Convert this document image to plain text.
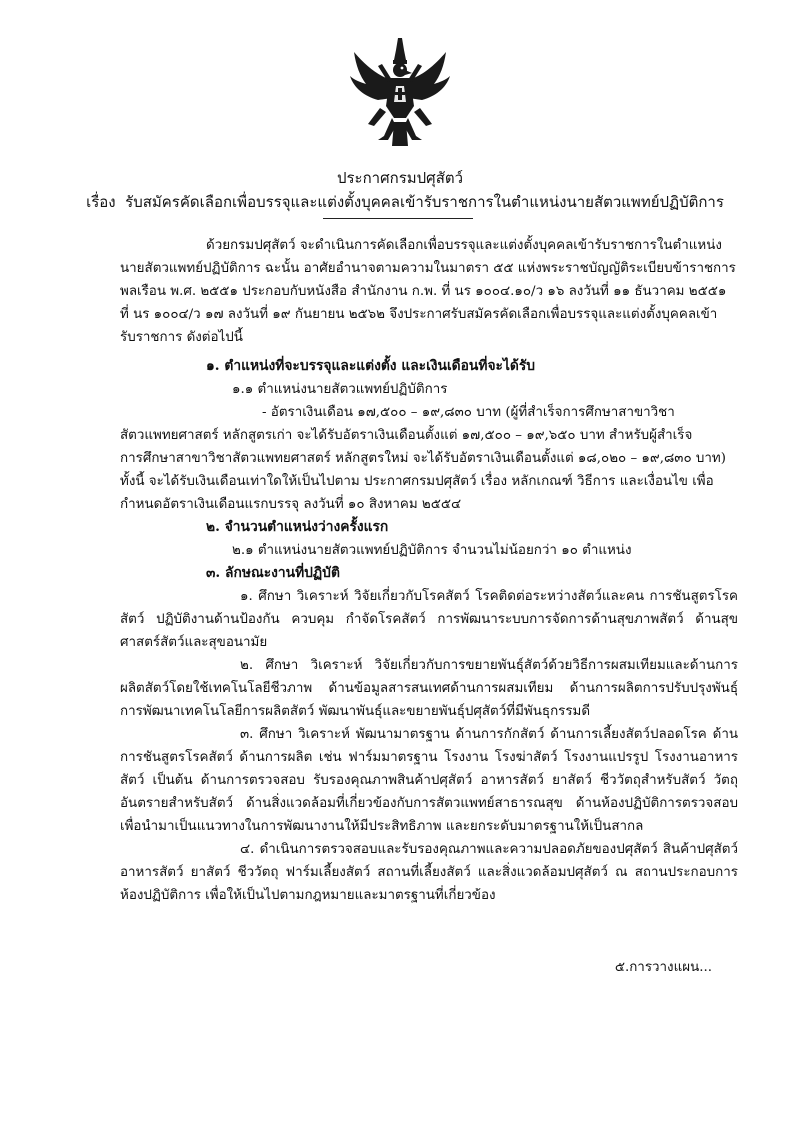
ประกาศกรมปศุสัตว์
เรื่อง รับสมัครคัดเลือกเพื่อบรรจุและแต่งตั้งบุคคลเข้ารับราชการในตำแหน่งนายสัตวแพทย์ปฏิบัติการ
ด้วยกรมปศุสัตว์ จะดำเนินการคัดเลือกเพื่อบรรจุและแต่งตั้งบุคคลเข้ารับราชการในตำแหน่ง
นายสัตวแพทย์ปฏิบัติการ ฉะนั้น อาศัยอำนาจตามความในมาตรา ๕๕ แห่งพระราชบัญญัติระเบียบข้าราชการ
พลเรือน พ.ศ. ๒๕๕๑ ประกอบกับหนังสือ สำนักงาน ก.พ. ที่ นร ๑๐๐๔.๑๐/ว ๑๖ ลงวันที่ ๑๑ ธันวาคม ๒๕๕๑
ที่ นร ๑๐๐๔/ว ๑๗ ลงวันที่ ๑๙ กันยายน ๒๕๖๒ จึงประกาศรับสมัครคัดเลือกเพื่อบรรจุและแต่งตั้งบุคคลเข้า
รับราชการ ดังต่อไปนี้
๑. ตำแหน่งที่จะบรรจุและแต่งตั้ง และเงินเดือนที่จะได้รับ
๑.๑ ตำแหน่งนายสัตวแพทย์ปฏิบัติการ
- อัตราเงินเดือน ๑๗,๕๐๐ – ๑๙,๘๓๐ บาท (ผู้ที่สำเร็จการศึกษาสาขาวิชา
สัตวแพทยศาสตร์ หลักสูตรเก่า จะได้รับอัตราเงินเดือนตั้งแต่ ๑๗,๕๐๐ – ๑๙,๖๕๐ บาท สำหรับผู้สำเร็จ
การศึกษาสาขาวิชาสัตวแพทยศาสตร์ หลักสูตรใหม่ จะได้รับอัตราเงินเดือนตั้งแต่ ๑๘,๐๒๐ – ๑๙,๘๓๐ บาท)
ทั้งนี้ จะได้รับเงินเดือนเท่าใดให้เป็นไปตาม ประกาศกรมปศุสัตว์ เรื่อง หลักเกณฑ์ วิธีการ และเงื่อนไข เพื่อ
กำหนดอัตราเงินเดือนแรกบรรจุ ลงวันที่ ๑๐ สิงหาคม ๒๕๕๔
๒. จำนวนตำแหน่งว่างครั้งแรก
๒.๑ ตำแหน่งนายสัตวแพทย์ปฏิบัติการ จำนวนไม่น้อยกว่า ๑๐ ตำแหน่ง
๓. ลักษณะงานที่ปฏิบัติ
๑. ศึกษา วิเคราะห์ วิจัยเกี่ยวกับโรคสัตว์ โรคติดต่อระหว่างสัตว์และคน การชันสูตรโรคสัตว์ ปฏิบัติงานด้านป้องกัน ควบคุม กำจัดโรคสัตว์ การพัฒนาระบบการจัดการด้านสุขภาพสัตว์ ด้านสุขศาสตร์สัตว์และสุขอนามัย
๒. ศึกษา วิเคราะห์ วิจัยเกี่ยวกับการขยายพันธุ์สัตว์ด้วยวิธีการผสมเทียมและด้านการผลิตสัตว์โดยใช้เทคโนโลยีชีวภาพ ด้านข้อมูลสารสนเทศด้านการผสมเทียม ด้านการผลิตการปรับปรุงพันธุ์ การพัฒนาเทคโนโลยีการผลิตสัตว์ พัฒนาพันธุ์และขยายพันธุ์ปศุสัตว์ที่มีพันธุกรรมดี
๓. ศึกษา วิเคราะห์ พัฒนามาตรฐาน ด้านการกักสัตว์ ด้านการเลี้ยงสัตว์ปลอดโรค ด้านการชันสูตรโรคสัตว์ ด้านการผลิต เช่น ฟาร์มมาตรฐาน โรงงาน โรงฆ่าสัตว์ โรงงานแปรรูป โรงงานอาหารสัตว์ เป็นต้น ด้านการตรวจสอบ รับรองคุณภาพสินค้าปศุสัตว์ อาหารสัตว์ ยาสัตว์ ชีววัตถุสำหรับสัตว์ วัตถุอันตรายสำหรับสัตว์ ด้านสิ่งแวดล้อมที่เกี่ยวข้องกับการสัตวแพทย์สาธารณสุข ด้านห้องปฏิบัติการตรวจสอบ เพื่อนำมาเป็นแนวทางในการพัฒนางานให้มีประสิทธิภาพ และยกระดับมาตรฐานให้เป็นสากล
๔. ดำเนินการตรวจสอบและรับรองคุณภาพและความปลอดภัยของปศุสัตว์ สินค้าปศุสัตว์ อาหารสัตว์ ยาสัตว์ ชีววัตถุ ฟาร์มเลี้ยงสัตว์ สถานที่เลี้ยงสัตว์ และสิ่งแวดล้อมปศุสัตว์ ณ สถานประกอบการ ห้องปฏิบัติการ เพื่อให้เป็นไปตามกฎหมายและมาตรฐานที่เกี่ยวข้อง
๕.การวางแผน...
